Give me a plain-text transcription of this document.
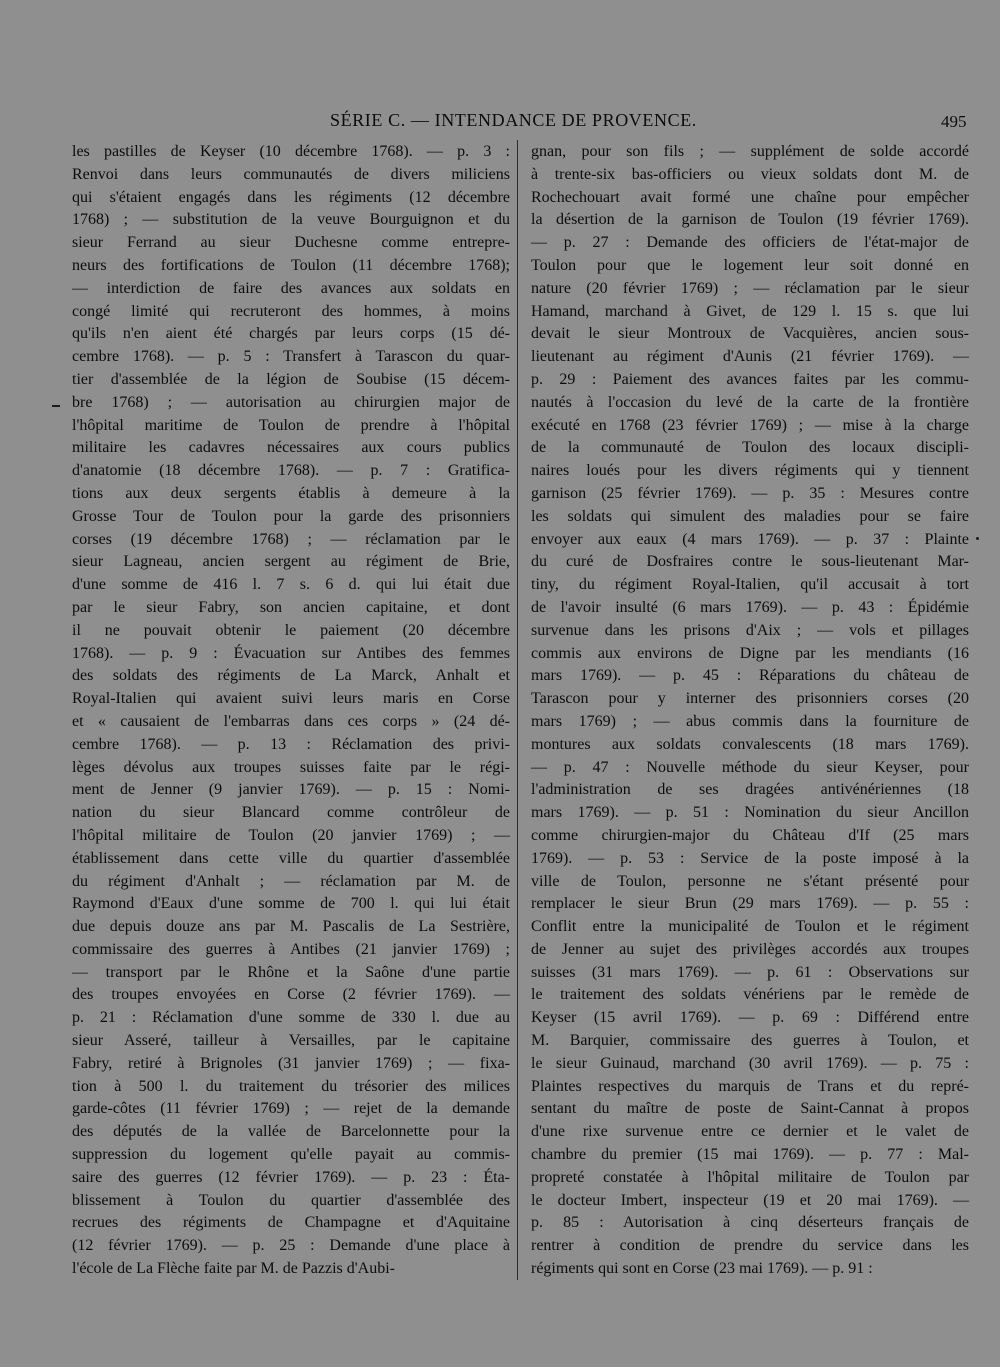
SÉRIE C. — INTENDANCE DE PROVENCE.	495
les pastilles de Keyser (10 décembre 1768). — p. 3 :
Renvoi dans leurs communautés de divers miliciens
qui s'étaient engagés dans les régiments (12 décembre
1768) ; — substitution de la veuve Bourguignon et du
sieur Ferrand au sieur Duchesne comme entrepre-
neurs des fortifications de Toulon (11 décembre 1768);
— interdiction de faire des avances aux soldats en
congé limité qui recruteront des hommes, à moins
qu'ils n'en aient été chargés par leurs corps (15 dé-
cembre 1768). — p. 5 : Transfert à Tarascon du quar-
tier d'assemblée de la légion de Soubise (15 décem-
bre 1768) ; — autorisation au chirurgien major de
l'hôpital maritime de Toulon de prendre à l'hôpital
militaire les cadavres nécessaires aux cours publics
d'anatomie (18 décembre 1768). — p. 7 : Gratifica-
tions aux deux sergents établis à demeure à la
Grosse Tour de Toulon pour la garde des prisonniers
corses (19 décembre 1768) ; — réclamation par le
sieur Lagneau, ancien sergent au régiment de Brie,
d'une somme de 416 l. 7 s. 6 d. qui lui était due
par le sieur Fabry, son ancien capitaine, et dont
il ne pouvait obtenir le paiement (20 décembre
1768). — p. 9 : Évacuation sur Antibes des femmes
des soldats des régiments de La Marck, Anhalt et
Royal-Italien qui avaient suivi leurs maris en Corse
et « causaient de l'embarras dans ces corps » (24 dé-
cembre 1768). — p. 13 : Réclamation des privi-
lèges dévolus aux troupes suisses faite par le régi-
ment de Jenner (9 janvier 1769). — p. 15 : Nomi-
nation du sieur Blancard comme contrôleur de
l'hôpital militaire de Toulon (20 janvier 1769) ; —
établissement dans cette ville du quartier d'assemblée
du régiment d'Anhalt ; — réclamation par M. de
Raymond d'Eaux d'une somme de 700 l. qui lui était
due depuis douze ans par M. Pascalis de La Sestrière,
commissaire des guerres à Antibes (21 janvier 1769) ;
— transport par le Rhône et la Saône d'une partie
des troupes envoyées en Corse (2 février 1769). —
p. 21 : Réclamation d'une somme de 330 l. due au
sieur Asseré, tailleur à Versailles, par le capitaine
Fabry, retiré à Brignoles (31 janvier 1769) ; — fixa-
tion à 500 l. du traitement du trésorier des milices
garde-côtes (11 février 1769) ; — rejet de la demande
des députés de la vallée de Barcelonnette pour la
suppression du logement qu'elle payait au commis-
saire des guerres (12 février 1769). — p. 23 : Éta-
blissement à Toulon du quartier d'assemblée des
recrues des régiments de Champagne et d'Aquitaine
(12 février 1769). — p. 25 : Demande d'une place à
l'école de La Flèche faite par M. de Pazzis d'Aubi-
gnan, pour son fils ; — supplément de solde accordé
à trente-six bas-officiers ou vieux soldats dont M. de
Rochechouart avait formé une chaîne pour empêcher
la désertion de la garnison de Toulon (19 février 1769).
— p. 27 : Demande des officiers de l'état-major de
Toulon pour que le logement leur soit donné en
nature (20 février 1769) ; — réclamation par le sieur
Hamand, marchand à Givet, de 129 l. 15 s. que lui
devait le sieur Montroux de Vacquières, ancien sous-
lieutenant au régiment d'Aunis (21 février 1769). —
p. 29 : Paiement des avances faites par les commu-
nautés à l'occasion du levé de la carte de la frontière
exécuté en 1768 (23 février 1769) ; — mise à la charge
de la communauté de Toulon des locaux discipli-
naires loués pour les divers régiments qui y tiennent
garnison (25 février 1769). — p. 35 : Mesures contre
les soldats qui simulent des maladies pour se faire
envoyer aux eaux (4 mars 1769). — p. 37 : Plainte
du curé de Dosfraires contre le sous-lieutenant Mar-
tiny, du régiment Royal-Italien, qu'il accusait à tort
de l'avoir insulté (6 mars 1769). — p. 43 : Épidémie
survenue dans les prisons d'Aix ; — vols et pillages
commis aux environs de Digne par les mendiants (16
mars 1769). — p. 45 : Réparations du château de
Tarascon pour y interner des prisonniers corses (20
mars 1769) ; — abus commis dans la fourniture de
montures aux soldats convalescents (18 mars 1769).
— p. 47 : Nouvelle méthode du sieur Keyser, pour
l'administration de ses dragées antivénériennes (18
mars 1769). — p. 51 : Nomination du sieur Ancillon
comme chirurgien-major du Château d'If (25 mars
1769). — p. 53 : Service de la poste imposé à la
ville de Toulon, personne ne s'étant présenté pour
remplacer le sieur Brun (29 mars 1769). — p. 55 :
Conflit entre la municipalité de Toulon et le régiment
de Jenner au sujet des privilèges accordés aux troupes
suisses (31 mars 1769). — p. 61 : Observations sur
le traitement des soldats vénériens par le remède de
Keyser (15 avril 1769). — p. 69 : Différend entre
M. Barquier, commissaire des guerres à Toulon, et
le sieur Guinaud, marchand (30 avril 1769). — p. 75 :
Plaintes respectives du marquis de Trans et du repré-
sentant du maître de poste de Saint-Cannat à propos
d'une rixe survenue entre ce dernier et le valet de
chambre du premier (15 mai 1769). — p. 77 : Mal-
propreté constatée à l'hôpital militaire de Toulon par
le docteur Imbert, inspecteur (19 et 20 mai 1769). —
p. 85 : Autorisation à cinq déserteurs français de
rentrer à condition de prendre du service dans les
régiments qui sont en Corse (23 mai 1769). — p. 91 :
